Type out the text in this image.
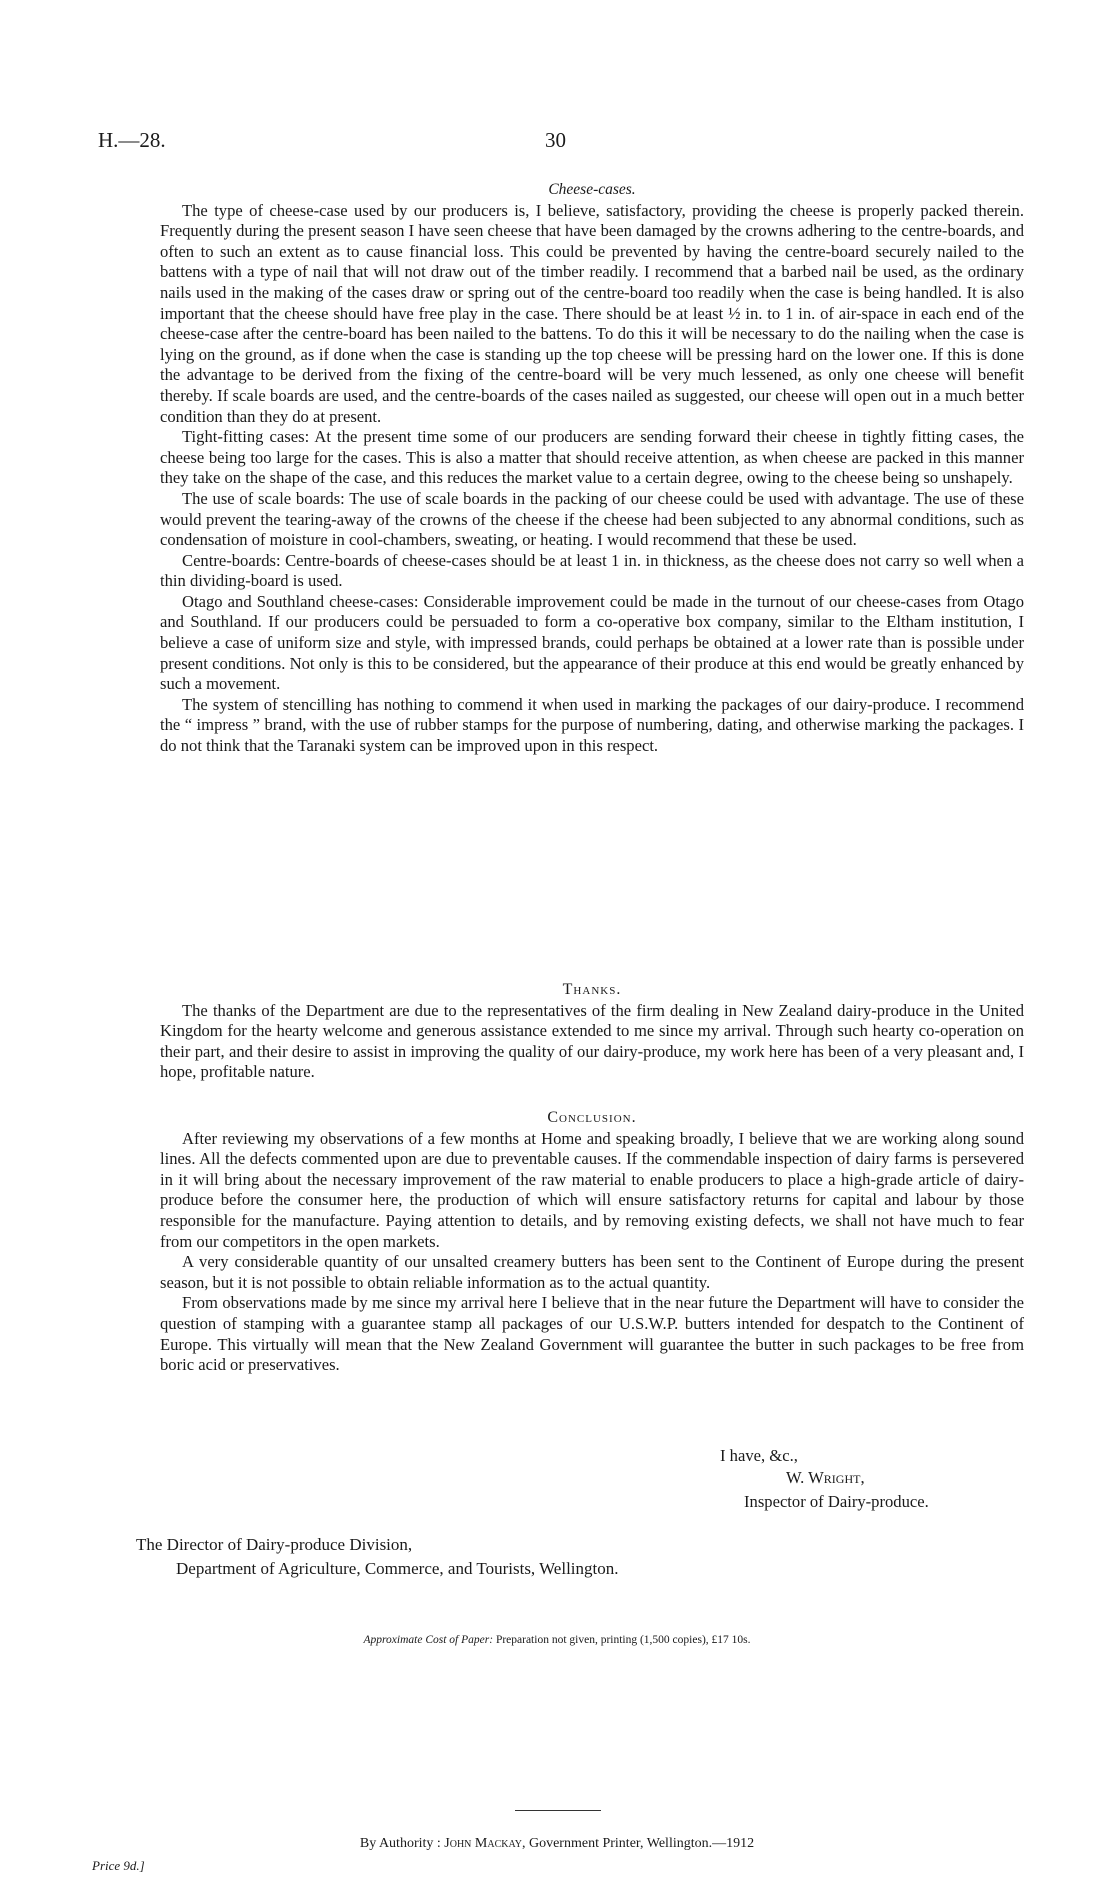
H.—28.	30
Cheese-cases.

The type of cheese-case used by our producers is, I believe, satisfactory, providing the cheese is properly packed therein. Frequently during the present season I have seen cheese that have been damaged by the crowns adhering to the centre-boards, and often to such an extent as to cause financial loss. This could be prevented by having the centre-board securely nailed to the battens with a type of nail that will not draw out of the timber readily. I recommend that a barbed nail be used, as the ordinary nails used in the making of the cases draw or spring out of the centre-board too readily when the case is being handled. It is also important that the cheese should have free play in the case. There should be at least ½ in. to 1 in. of air-space in each end of the cheese-case after the centre-board has been nailed to the battens. To do this it will be necessary to do the nailing when the case is lying on the ground, as if done when the case is standing up the top cheese will be pressing hard on the lower one. If this is done the advantage to be derived from the fixing of the centre-board will be very much lessened, as only one cheese will benefit thereby. If scale boards are used, and the centre-boards of the cases nailed as suggested, our cheese will open out in a much better condition than they do at present.

Tight-fitting cases: At the present time some of our producers are sending forward their cheese in tightly fitting cases, the cheese being too large for the cases. This is also a matter that should receive attention, as when cheese are packed in this manner they take on the shape of the case, and this reduces the market value to a certain degree, owing to the cheese being so unshapely.

The use of scale boards: The use of scale boards in the packing of our cheese could be used with advantage. The use of these would prevent the tearing-away of the crowns of the cheese if the cheese had been subjected to any abnormal conditions, such as condensation of moisture in cool-chambers, sweating, or heating. I would recommend that these be used.

Centre-boards: Centre-boards of cheese-cases should be at least 1 in. in thickness, as the cheese does not carry so well when a thin dividing-board is used.

Otago and Southland cheese-cases: Considerable improvement could be made in the turnout of our cheese-cases from Otago and Southland. If our producers could be persuaded to form a co-operative box company, similar to the Eltham institution, I believe a case of uniform size and style, with impressed brands, could perhaps be obtained at a lower rate than is possible under present conditions. Not only is this to be considered, but the appearance of their produce at this end would be greatly enhanced by such a movement.

The system of stencilling has nothing to commend it when used in marking the packages of our dairy-produce. I recommend the “ impress ” brand, with the use of rubber stamps for the purpose of numbering, dating, and otherwise marking the packages. I do not think that the Taranaki system can be improved upon in this respect.

Thanks.

The thanks of the Department are due to the representatives of the firm dealing in New Zealand dairy-produce in the United Kingdom for the hearty welcome and generous assistance extended to me since my arrival. Through such hearty co-operation on their part, and their desire to assist in improving the quality of our dairy-produce, my work here has been of a very pleasant and, I hope, profitable nature.

Conclusion.

After reviewing my observations of a few months at Home and speaking broadly, I believe that we are working along sound lines. All the defects commented upon are due to preventable causes. If the commendable inspection of dairy farms is persevered in it will bring about the necessary improvement of the raw material to enable producers to place a high-grade article of dairy-produce before the consumer here, the production of which will ensure satisfactory returns for capital and labour by those responsible for the manufacture. Paying attention to details, and by removing existing defects, we shall not have much to fear from our competitors in the open markets.

A very considerable quantity of our unsalted creamery butters has been sent to the Continent of Europe during the present season, but it is not possible to obtain reliable information as to the actual quantity.

From observations made by me since my arrival here I believe that in the near future the Department will have to consider the question of stamping with a guarantee stamp all packages of our U.S.W.P. butters intended for despatch to the Continent of Europe. This virtually will mean that the New Zealand Government will guarantee the butter in such packages to be free from boric acid or preservatives.

I have, &c.,
W. Wright,
Inspector of Dairy-produce.
The Director of Dairy-produce Division,
Department of Agriculture, Commerce, and Tourists, Wellington.
Approximate Cost of Paper: Preparation not given, printing (1,500 copies), £17 10s.
By Authority : John Mackay, Government Printer, Wellington.—1912
Price 9d.]
